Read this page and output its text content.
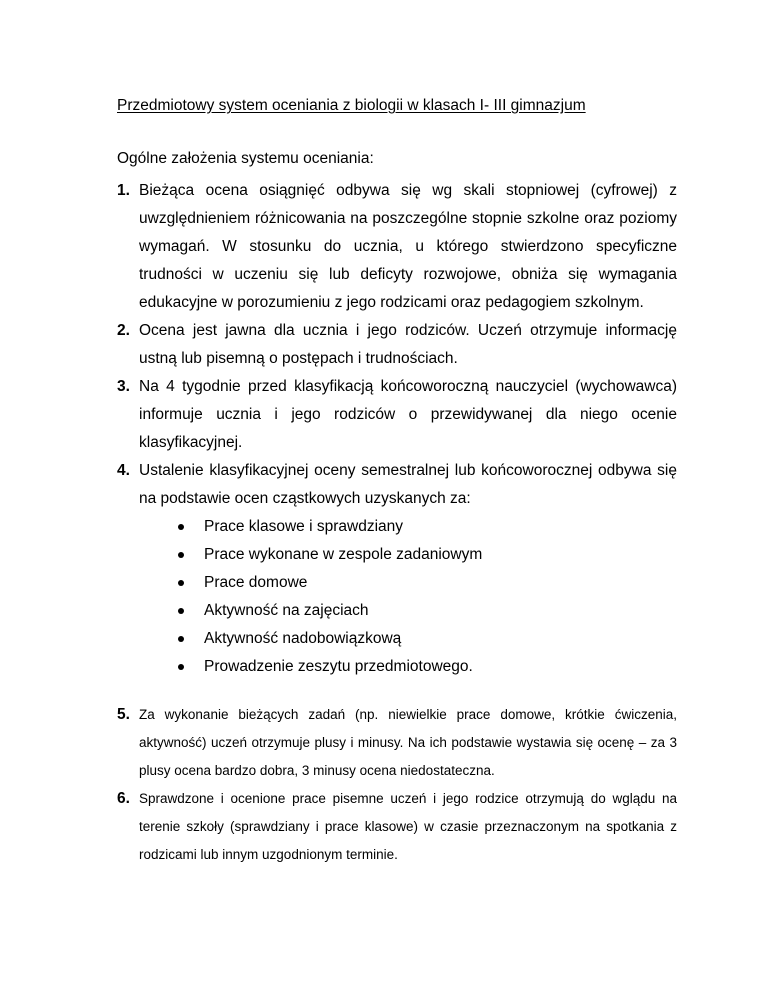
Przedmiotowy system oceniania z biologii w klasach I- III gimnazjum
Ogólne założenia systemu oceniania:
1. Bieżąca ocena osiągnięć odbywa się wg skali stopniowej (cyfrowej) z uwzględnieniem różnicowania na poszczególne stopnie szkolne oraz poziomy wymagań. W stosunku do ucznia, u którego stwierdzono specyficzne trudności w uczeniu się lub deficyty rozwojowe, obniża się wymagania edukacyjne w porozumieniu z jego rodzicami oraz pedagogiem szkolnym.
2. Ocena jest jawna dla ucznia i jego rodziców. Uczeń otrzymuje informację ustną lub pisemną o postępach i trudnościach.
3. Na 4 tygodnie przed klasyfikacją końcoworoczną nauczyciel (wychowawca) informuje ucznia i jego rodziców o przewidywanej dla niego ocenie klasyfikacyjnej.
4. Ustalenie klasyfikacyjnej oceny semestralnej lub końcoworocznej odbywa się na podstawie ocen cząstkowych uzyskanych za:
Prace klasowe i sprawdziany
Prace wykonane w zespole zadaniowym
Prace domowe
Aktywność na zajęciach
Aktywność nadobowiązkową
Prowadzenie zeszytu przedmiotowego.
5. Za wykonanie bieżących zadań (np. niewielkie prace domowe, krótkie ćwiczenia, aktywność) uczeń otrzymuje plusy i minusy. Na ich podstawie wystawia się ocenę – za 3 plusy ocena bardzo dobra, 3 minusy ocena niedostateczna.
6. Sprawdzone i ocenione prace pisemne uczeń i jego rodzice otrzymują do wglądu na terenie szkoły (sprawdziany i prace klasowe) w czasie przeznaczonym na spotkania z rodzicami lub innym uzgodnionym terminie.
